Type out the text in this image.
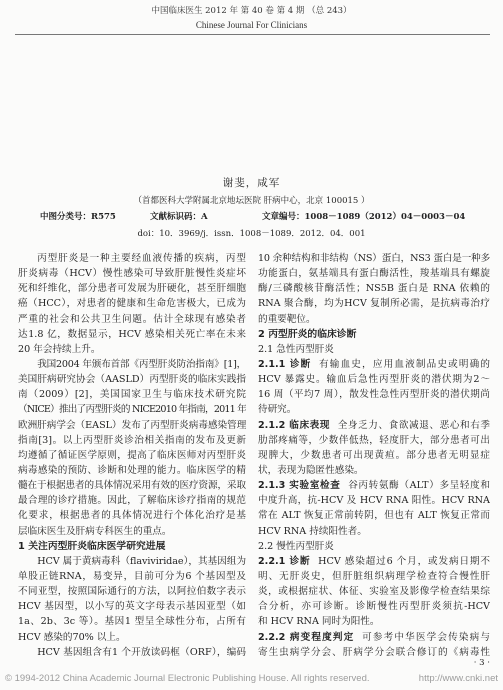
中国临床医生 2012 年 第 40 卷 第 4 期 （总 243）
Chinese Journal For Clinicians
谢斐，咸军
（首都医科大学附属北京地坛医院 肝病中心，北京 100015 ）
中图分类号：R575	文献标识码：A	文章编号：1008－1089（2012）04－0003－04
doi：10．3969/j．issn．1008－1089．2012．04．001
丙型肝炎是一种主要经血液传播的疾病，丙型
肝炎病毒（HCV）慢性感染可导致肝脏慢性炎症坏
死和纤维化，部分患者可发展为肝硬化，甚至肝细胞
癌（HCC），对患者的健康和生命危害极大，已成为
严重的社会和公共卫生问题。估计全球现有感染者
达1.8 亿，数据显示，HCV 感染相关死亡率在未来
20 年会持续上升。
我国2004 年颁布首部《丙型肝炎防治指南》[1]，
美国肝病研究协会（AASLD）丙型肝炎的临床实践指
南（2009）[2]，美国国家卫生与临床技术研究院
（NICE）推出了丙型肝炎的 NICE2010 年指南，2011 年
欧洲肝病学会（EASL）发布了丙型肝炎病毒感染管理
指南[3]。以上丙型肝炎诊治相关指南的发布及更新
均遵循了循证医学原则，提高了临床医师对丙型肝炎
病毒感染的预防、诊断和处理的能力。临床医学的精
髓在于根据患者的具体情况采用有效的医疗资源，采取
最合理的诊疗措施。因此，了解临床诊疗指南的规范
化要求，根据患者的具体情况进行个体化治疗是基
层临床医生及肝病专科医生的重点。
1 关注丙型肝炎临床医学研究进展
HCV 属于黄病毒科（flaviviridae），其基因组为
单股正链RNA，易变异，目前可分为6 个基因型及
不同亚型，按照国际通行的方法，以阿拉伯数字表示
HCV 基因型，以小写的英文字母表示基因亚型（如
1a、2b、3c 等）。基因1 型呈全球性分布，占所有
HCV 感染的70% 以上。
HCV 基因组含有1 个开放读码框（ORF），编码
10 余种结构和非结构（NS）蛋白，NS3 蛋白是一种多
功能蛋白，氨基端具有蛋白酶活性，羧基端具有螺旋
酶/三磷酸核苷酶活性；NS5B 蛋白是 RNA 依赖的
RNA 聚合酶，均为HCV 复制所必需，是抗病毒治疗
的重要靶位。
2 丙型肝炎的临床诊断
2.1 急性丙型肝炎
2.1.1 诊断 有输血史，应用血液制品史或明确的
HCV 暴露史。输血后急性丙型肝炎的潜伏期为2～
16 周（平均7 周），散发性急性丙型肝炎的潜伏期尚
待研究。
2.1.2 临床表现 全身乏力、食欲减退、恶心和右季
肋部疼痛等，少数伴低热，轻度肝大，部分患者可出
现脾大，少数患者可出现黄疸。部分患者无明显症
状，表现为隐匿性感染。
2.1.3 实验室检查 谷丙转氨酶（ALT）多呈轻度和
中度升高，抗-HCV 及 HCV RNA 阳性。HCV RNA
常在 ALT 恢复正常前转阴，但也有 ALT 恢复正常而
HCV RNA 持续阳性者。
2.2 慢性丙型肝炎
2.2.1 诊断 HCV 感染超过6 个月，或发病日期不
明、无肝炎史，但肝脏组织病理学检查符合慢性肝
炎，或根据症状、体征、实验室及影像学检查结果综
合分析，亦可诊断。诊断慢性丙型肝炎须抗-HCV
和 HCV RNA 同时为阳性。
2.2.2 病变程度判定 可参考中华医学会传染病与
寄生虫病学分会、肝病学分会联合修订的《病毒性
· 3 ·
© 1994-2012 China Academic Journal Electronic Publishing House. All rights reserved.	http://www.cnki.net
